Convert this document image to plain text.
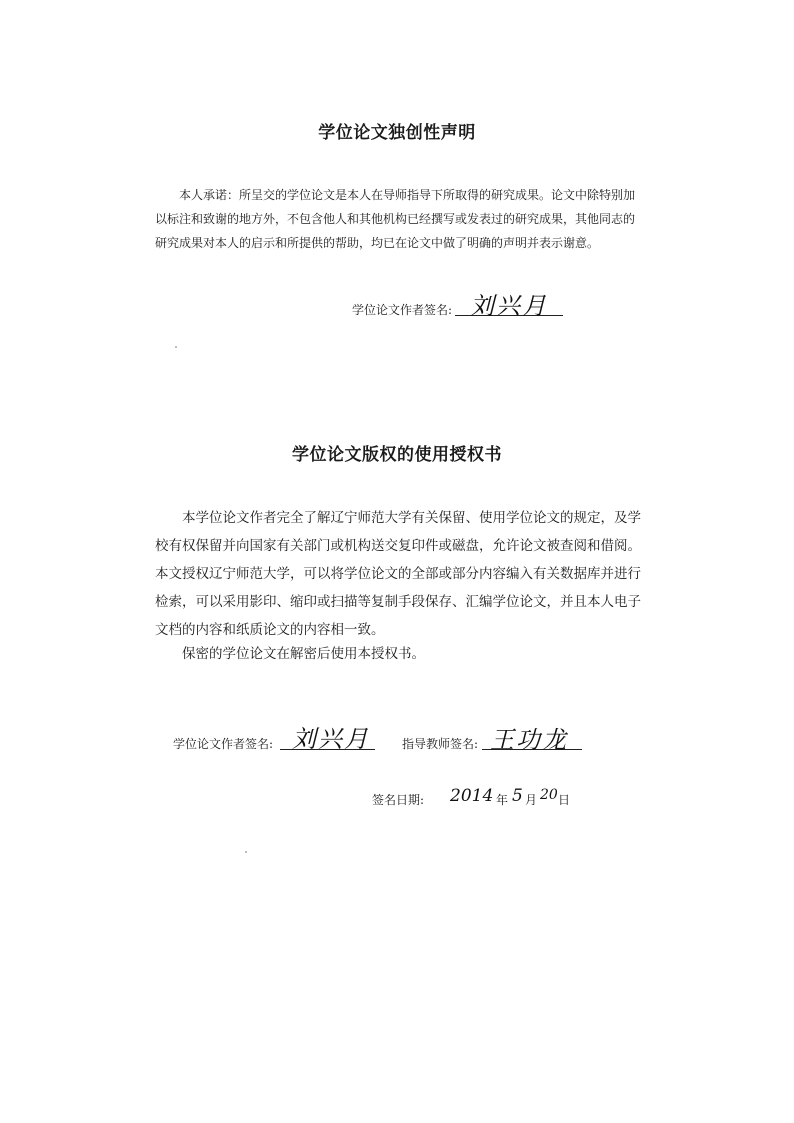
学位论文独创性声明
本人承诺：所呈交的学位论文是本人在导师指导下所取得的研究成果。论文中除特别加以标注和致谢的地方外，不包含他人和其他机构已经撰写或发表过的研究成果，其他同志的研究成果对本人的启示和所提供的帮助，均已在论文中做了明确的声明并表示谢意。
学位论文作者签名: 刘兴月
学位论文版权的使用授权书
本学位论文作者完全了解辽宁师范大学有关保留、使用学位论文的规定，及学校有权保留并向国家有关部门或机构送交复印件或磁盘，允许论文被查阅和借阅。本文授权辽宁师范大学，可以将学位论文的全部或部分内容编入有关数据库并进行检索，可以采用影印、缩印或扫描等复制手段保存、汇编学位论文，并且本人电子文档的内容和纸质论文的内容相一致。
保密的学位论文在解密后使用本授权书。
学位论文作者签名: 刘兴月	指导教师签名: 王功龙
签名日期: 2014 年 5 月 20 日
